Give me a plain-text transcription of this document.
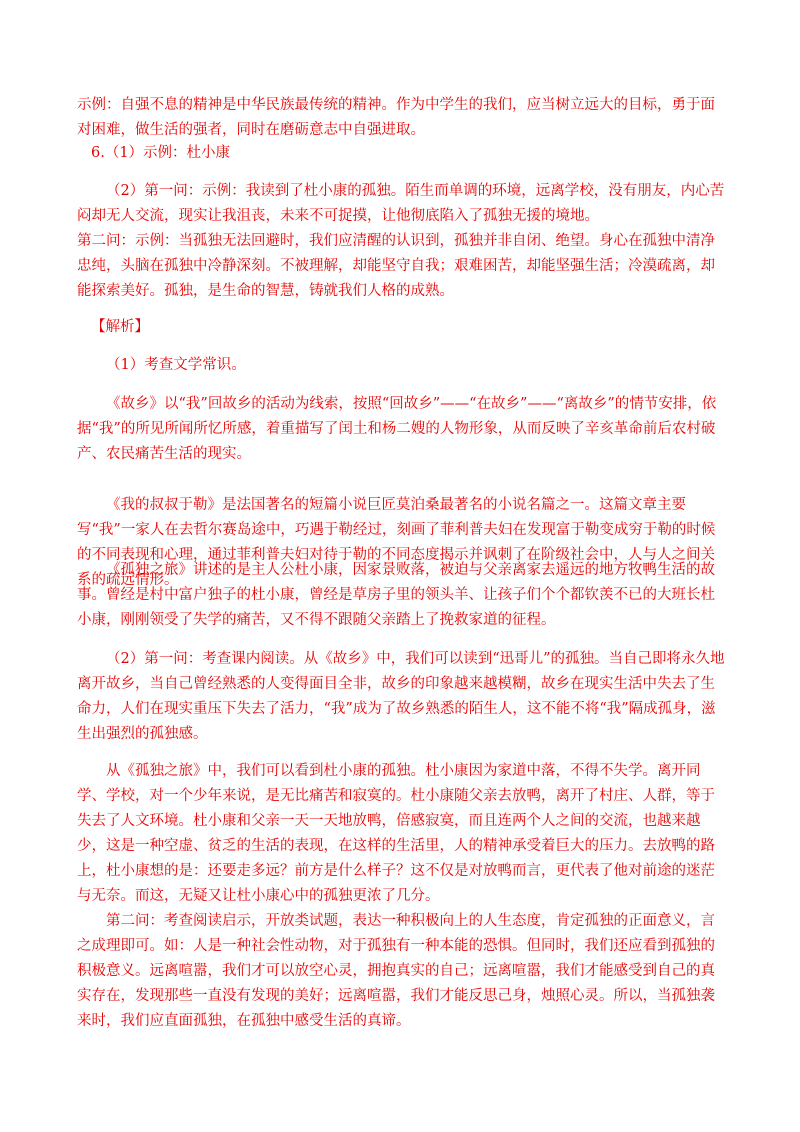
示例：自强不息的精神是中华民族最传统的精神。作为中学生的我们，应当树立远大的目标，勇于面对困难，做生活的强者，同时在磨砺意志中自强进取。
6.（1）示例：杜小康
（2）第一问：示例：我读到了杜小康的孤独。陌生而单调的环境，远离学校，没有朋友，内心苦闷却无人交流，现实让我沮丧，未来不可捉摸，让他彻底陷入了孤独无援的境地。
第二问：示例：当孤独无法回避时，我们应清醒的认识到，孤独并非自闭、绝望。身心在孤独中清净忠纯，头脑在孤独中冷静深刻。不被理解，却能坚守自我；艰难困苦，却能坚强生活；冷漠疏离，却能探索美好。孤独，是生命的智慧，铸就我们人格的成熟。
【解析】
（1）考查文学常识。
《故乡》以“我”回故乡的活动为线索，按照“回故乡”——“在故乡”——“离故乡”的情节安排，依据“我”的所见所闻所忆所感，着重描写了闰土和杨二嫂的人物形象，从而反映了辛亥革命前后农村破产、农民痛苦生活的现实。
《我的叔叔于勒》是法国著名的短篇小说巨匠莫泊桑最著名的小说名篇之一。这篇文章主要写“我”一家人在去哲尔赛岛途中，巧遇于勒经过，刻画了菲利普夫妇在发现富于勒变成穷于勒的时候的不同表现和心理，通过菲利普夫妇对待于勒的不同态度揭示并讽刺了在阶级社会中，人与人之间关系的疏远情形。
《孤独之旅》讲述的是主人公杜小康，因家景败落，被迫与父亲离家去遥远的地方牧鸭生活的故事。曾经是村中富户独子的杜小康，曾经是草房子里的领头羊、让孩子们个个都钦羡不已的大班长杜小康，刚刚领受了失学的痛苦，又不得不跟随父亲踏上了挽救家道的征程。
（2）第一问：考查课内阅读。从《故乡》中，我们可以读到“迅哥儿”的孤独。当自己即将永久地离开故乡，当自己曾经熟悉的人变得面目全非，故乡的印象越来越模糊，故乡在现实生活中失去了生命力，人们在现实重压下失去了活力，“我”成为了故乡熟悉的陌生人，这不能不将“我”隔成孤身，滋生出强烈的孤独感。
从《孤独之旅》中，我们可以看到杜小康的孤独。杜小康因为家道中落，不得不失学。离开同学、学校，对一个少年来说，是无比痛苦和寂寞的。杜小康随父亲去放鸭，离开了村庄、人群，等于失去了人文环境。杜小康和父亲一天一天地放鸭，倍感寂寞，而且连两个人之间的交流，也越来越少，这是一种空虚、贫乏的生活的表现，在这样的生活里，人的精神承受着巨大的压力。去放鸭的路上，杜小康想的是：还要走多远？前方是什么样子？这不仅是对放鸭而言，更代表了他对前途的迷茫与无奈。而这，无疑又让杜小康心中的孤独更浓了几分。
第二问：考查阅读启示，开放类试题，表达一种积极向上的人生态度，肯定孤独的正面意义，言之成理即可。如：人是一种社会性动物，对于孤独有一种本能的恐惧。但同时，我们还应看到孤独的积极意义。远离喧嚣，我们才可以放空心灵，拥抱真实的自己；远离喧嚣，我们才能感受到自己的真实存在，发现那些一直没有发现的美好；远离喧嚣，我们才能反思己身，烛照心灵。所以，当孤独袭来时，我们应直面孤独，在孤独中感受生活的真谛。
